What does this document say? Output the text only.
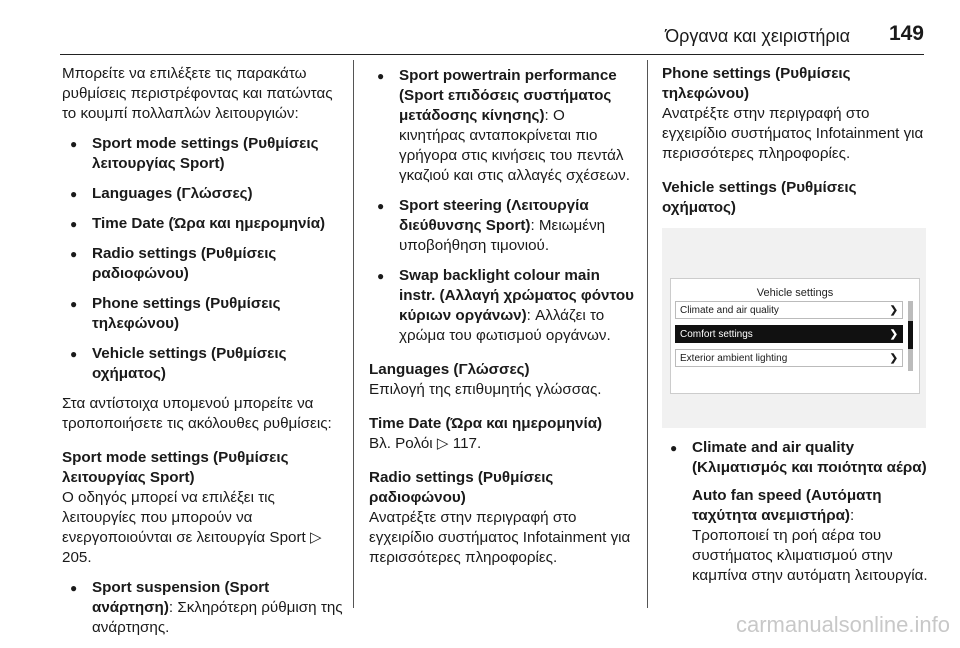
Όργανα και χειριστήρια 149

Μπορείτε να επιλέξετε τις παρακάτω ρυθμίσεις περιστρέφοντας και πατώντας το κουμπί πολλαπλών λειτουργιών:

● Sport mode settings (Ρυθμίσεις λειτουργίας Sport)
● Languages (Γλώσσες)
● Time Date (Ώρα και ημερομηνία)
● Radio settings (Ρυθμίσεις ραδιοφώνου)
● Phone settings (Ρυθμίσεις τηλεφώνου)
● Vehicle settings (Ρυθμίσεις οχήματος)

Στα αντίστοιχα υπομενού μπορείτε να τροποποιήσετε τις ακόλουθες ρυθμίσεις:

Sport mode settings (Ρυθμίσεις λειτουργίας Sport)

Ο οδηγός μπορεί να επιλέξει τις λειτουργίες που μπορούν να ενεργοποιούνται σε λειτουργία Sport ▷ 205.

● Sport suspension (Sport ανάρτηση): Σκληρότερη ρύθμιση της ανάρτησης.
● Sport powertrain performance (Sport επιδόσεις συστήματος μετάδοσης κίνησης): Ο κινητήρας ανταποκρίνεται πιο γρήγορα στις κινήσεις του πεντάλ γκαζιού και στις αλλαγές σχέσεων.
● Sport steering (Λειτουργία διεύθυνσης Sport): Μειωμένη υποβοήθηση τιμονιού.
● Swap backlight colour main instr. (Αλλαγή χρώματος φόντου κύριων οργάνων): Αλλάζει το χρώμα του φωτισμού οργάνων.

Languages (Γλώσσες)

Επιλογή της επιθυμητής γλώσσας.

Time Date (Ώρα και ημερομηνία)

Βλ. Ρολόι ▷ 117.

Radio settings (Ρυθμίσεις ραδιοφώνου)

Ανατρέξτε στην περιγραφή στο εγχειρίδιο συστήματος Infotainment για περισσότερες πληροφορίες.

Phone settings (Ρυθμίσεις τηλεφώνου)

Ανατρέξτε στην περιγραφή στο εγχειρίδιο συστήματος Infotainment για περισσότερες πληροφορίες.

Vehicle settings (Ρυθμίσεις οχήματος)

Vehicle settings
Climate and air quality	❯
Comfort settings	❯
Exterior ambient lighting	❯
● Climate and air quality (Κλιματισμός και ποιότητα αέρα)

Auto fan speed (Αυτόματη ταχύτητα ανεμιστήρα): Τροποποιεί τη ροή αέρα του συστήματος κλιματισμού στην καμπίνα στην αυτόματη λειτουργία.

carmanualsonline.info
